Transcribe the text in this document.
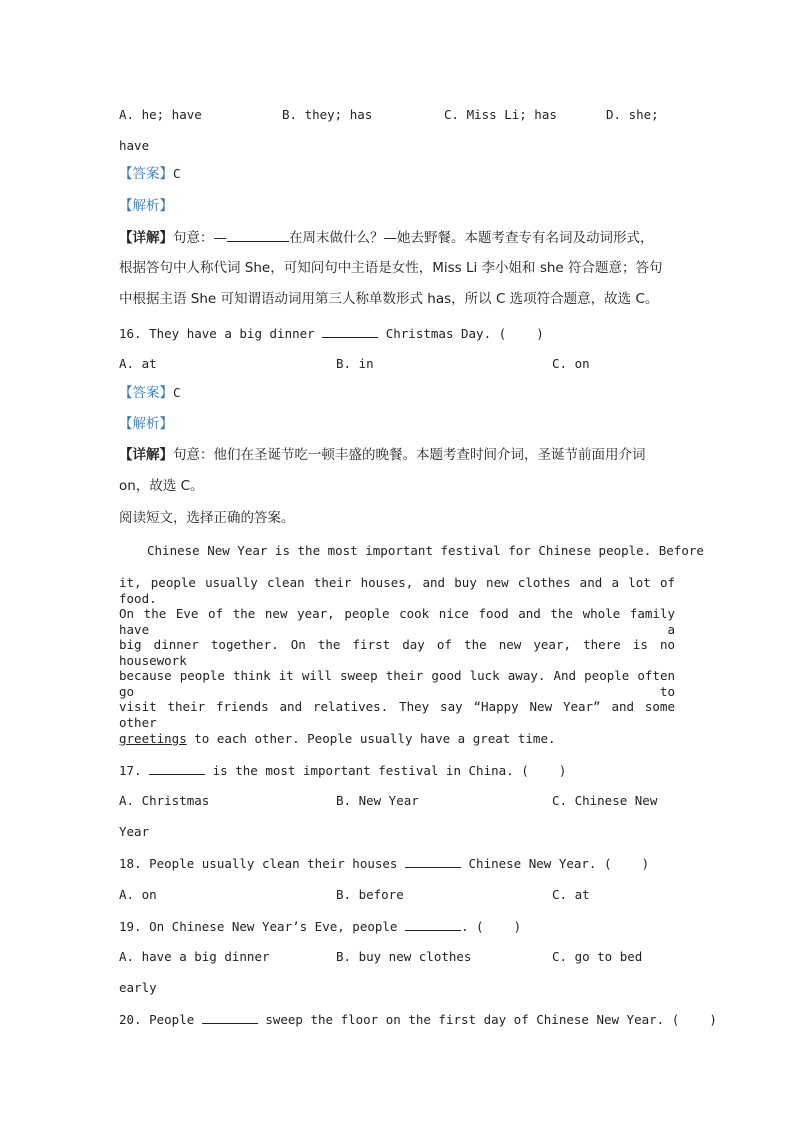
A. he; have	B. they; has	C. Miss Li; has	D. she;
have
【答案】C
【解析】
【详解】句意：—	在周末做什么？—她去野餐。本题考查专有名词及动词形式，
根据答句中人称代词 She，可知问句中主语是女性，Miss Li 李小姐和 she 符合题意；答句
中根据主语 She 可知谓语动词用第三人称单数形式 has，所以 C 选项符合题意，故选 C。
16. They have a big dinner	Christmas Day. (    )
A. at	B. in	C. on
【答案】C
【解析】
【详解】句意：他们在圣诞节吃一顿丰盛的晚餐。本题考查时间介词，圣诞节前面用介词
on，故选 C。
阅读短文，选择正确的答案。
Chinese New Year is the most important festival for Chinese people. Before
it, people usually clean their houses, and buy new clothes and a lot of food.
On the Eve of the new year, people cook nice food and the whole family have a
big dinner together. On the first day of the new year, there is no housework
because people think it will sweep their good luck away. And people often go to
visit their friends and relatives. They say “Happy New Year” and some other
greetings to each other. People usually have a great time.
17.	is the most important festival in China. (    )
A. Christmas	B. New Year	C. Chinese New
Year
18. People usually clean their houses	Chinese New Year. (    )
A. on	B. before	C. at
19. On Chinese New Year’s Eve, people	. (    )
A. have a big dinner	B. buy new clothes	C. go to bed
early
20. People	sweep the floor on the first day of Chinese New Year. (    )
